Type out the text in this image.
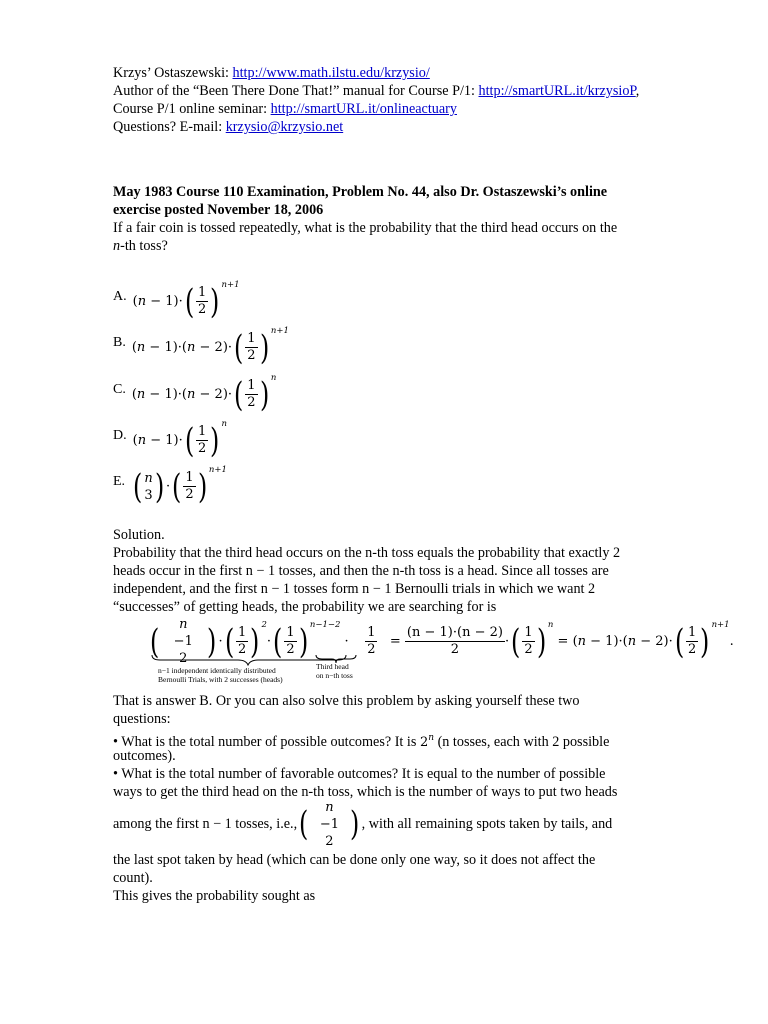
Krzys’ Ostaszewski: http://www.math.ilstu.edu/krzysio/
Author of the “Been There Done That!” manual for Course P/1: http://smartURL.it/krzysioP,
Course P/1 online seminar: http://smartURL.it/onlineactuary
Questions? E-mail: krzysio@krzysio.net
May 1983 Course 110 Examination, Problem No. 44, also Dr. Ostaszewski’s online
exercise posted November 18, 2006
If a fair coin is tossed repeatedly, what is the probability that the third head occurs on the
n-th toss?
A. $(n - 1)\cdot( \frac{1}{2}$ ) $^{n+1}$
B. $(n - 1)\cdot(n - 2)\cdot( \frac{1}{2}$ ) $^{n+1}$
C. $(n - 1)\cdot(n - 2)\cdot( \frac{1}{2}$ ) $^n$
D. $(n - 1)\cdot( \frac{1}{2}$ ) $^n$
E. ( n
3 ) ·( $\frac{1}{2}$ ) $^{n+1}$
Solution.
Probability that the third head occurs on the n-th toss equals the probability that exactly 2
heads occur in the first n − 1 tosses, and then the n-th toss is a head. Since all tosses are
independent, and the first n − 1 tosses form n − 1 Bernoulli trials in which we want 2
“successes” of getting heads, the probability we are searching for is
(	n
−1
2 ) ·( $\frac{1}{2}$ ) $^2\cdot( \frac{1}{2}$ ) $^{n-1-2} \cdot \frac{1}{2} = \frac{(n - 1)\cdot(n - 2)}{2}$ ·( $\frac{1}{2}$ ) $^n = (n - 1)\cdot(n - 2)\cdot( \frac{1}{2}$ ) $^{n+1}$.
n−1 independent identically distributed
Bernoulli Trials, with 2 successes (heads)
Third head
on n−th toss
That is answer B. Or you can also solve this problem by asking yourself these two
questions:
• What is the total number of possible outcomes? It is 2$^n$ (n tosses, each with 2 possible
outcomes).
• What is the total number of favorable outcomes? It is equal to the number of possible
ways to get the third head on the n-th toss, which is the number of ways to put two heads
among the first n − 1 tosses, i.e., (	n
−1
2 ) , with all remaining spots taken by tails, and
the last spot taken by head (which can be done only one way, so it does not affect the
count).
This gives the probability sought as
